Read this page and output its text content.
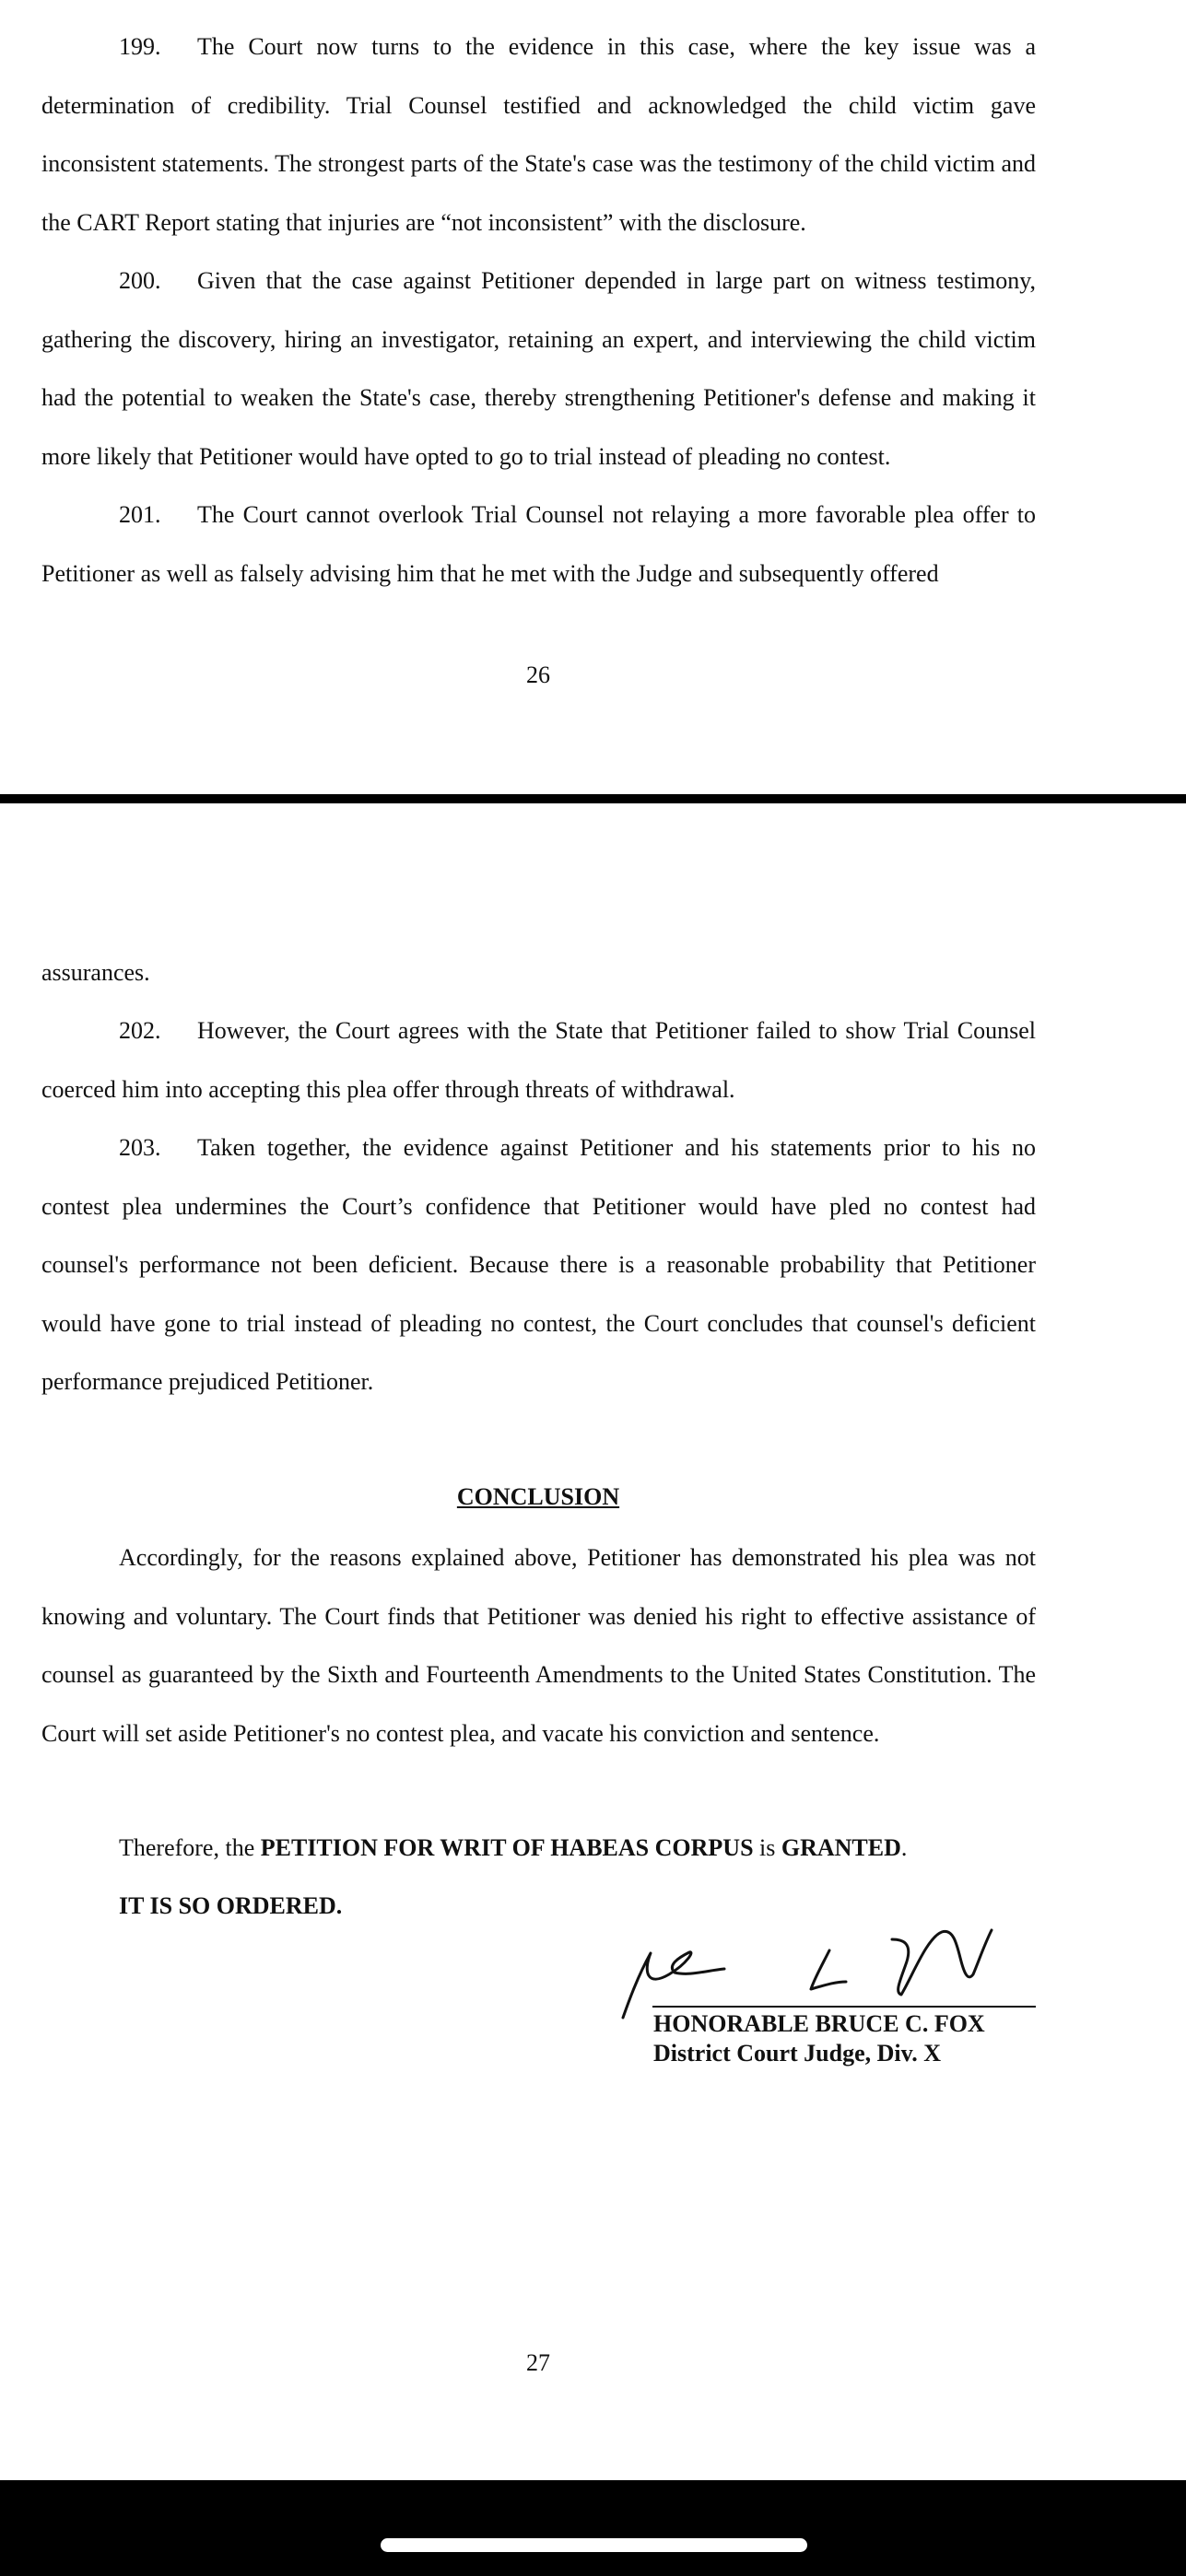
199. The Court now turns to the evidence in this case, where the key issue was a determination of credibility. Trial Counsel testified and acknowledged the child victim gave inconsistent statements. The strongest parts of the State's case was the testimony of the child victim and the CART Report stating that injuries are “not inconsistent” with the disclosure.

200. Given that the case against Petitioner depended in large part on witness testimony, gathering the discovery, hiring an investigator, retaining an expert, and interviewing the child victim had the potential to weaken the State's case, thereby strengthening Petitioner's defense and making it more likely that Petitioner would have opted to go to trial instead of pleading no contest.

201. The Court cannot overlook Trial Counsel not relaying a more favorable plea offer to Petitioner as well as falsely advising him that he met with the Judge and subsequently offered

26

assurances.

202. However, the Court agrees with the State that Petitioner failed to show Trial Counsel coerced him into accepting this plea offer through threats of withdrawal.

203. Taken together, the evidence against Petitioner and his statements prior to his no contest plea undermines the Court’s confidence that Petitioner would have pled no contest had counsel's performance not been deficient. Because there is a reasonable probability that Petitioner would have gone to trial instead of pleading no contest, the Court concludes that counsel's deficient performance prejudiced Petitioner.

CONCLUSION

Accordingly, for the reasons explained above, Petitioner has demonstrated his plea was not knowing and voluntary. The Court finds that Petitioner was denied his right to effective assistance of counsel as guaranteed by the Sixth and Fourteenth Amendments to the United States Constitution. The Court will set aside Petitioner's no contest plea, and vacate his conviction and sentence.

Therefore, the PETITION FOR WRIT OF HABEAS CORPUS is GRANTED.

IT IS SO ORDERED.

HONORABLE BRUCE C. FOX
District Court Judge, Div. X
27
